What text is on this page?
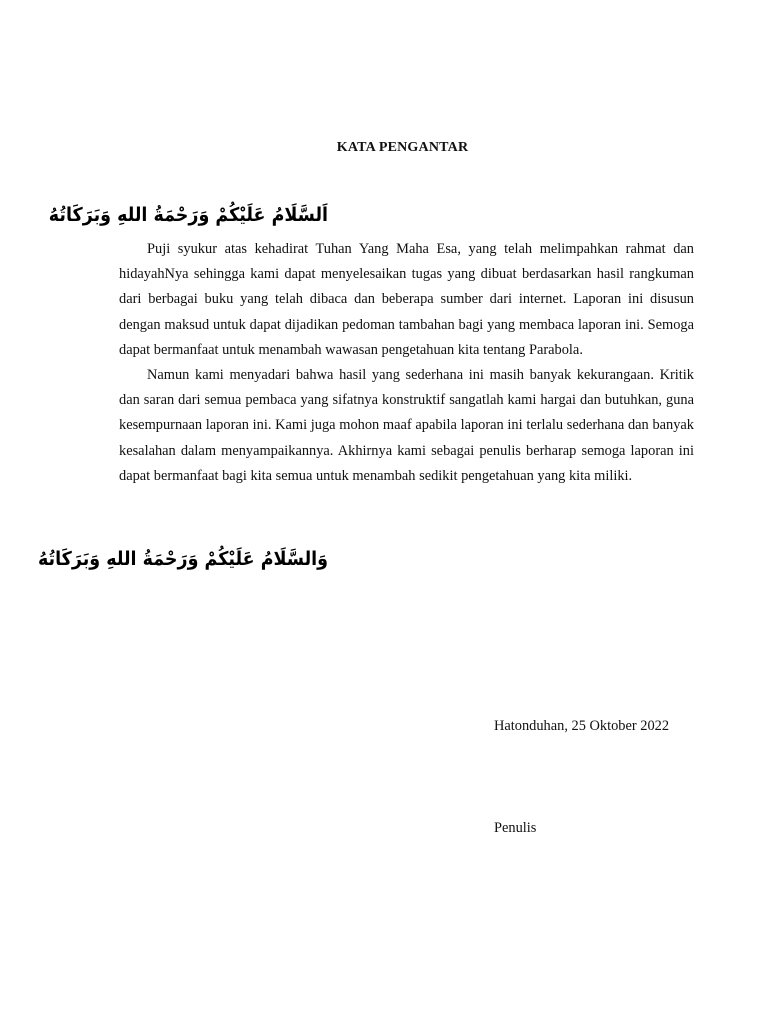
KATA PENGANTAR
اَلسَّلَامُ عَلَيْكُمْ وَرَحْمَةُ اللهِ وَبَرَكَاتُهُ

Puji syukur atas kehadirat Tuhan Yang Maha Esa, yang telah melimpahkan rahmat dan hidayahNya sehingga kami dapat menyelesaikan tugas yang dibuat berdasarkan hasil rangkuman dari berbagai buku yang telah dibaca dan beberapa sumber dari internet. Laporan ini disusun dengan maksud untuk dapat dijadikan pedoman tambahan bagi yang membaca laporan ini. Semoga dapat bermanfaat untuk menambah wawasan pengetahuan kita tentang Parabola.

Namun kami menyadari bahwa hasil yang sederhana ini masih banyak kekurangaan. Kritik dan saran dari semua pembaca yang sifatnya konstruktif sangatlah kami hargai dan butuhkan, guna kesempurnaan laporan ini. Kami juga mohon maaf apabila laporan ini terlalu sederhana dan banyak kesalahan dalam menyampaikannya. Akhirnya kami sebagai penulis berharap semoga laporan ini dapat bermanfaat bagi kita semua untuk menambah sedikit pengetahuan yang kita miliki.

وَالسَّلَامُ عَلَيْكُمْ وَرَحْمَةُ اللهِ وَبَرَكَاتُهُ
Hatonduhan, 25 Oktober 2022
Penulis
